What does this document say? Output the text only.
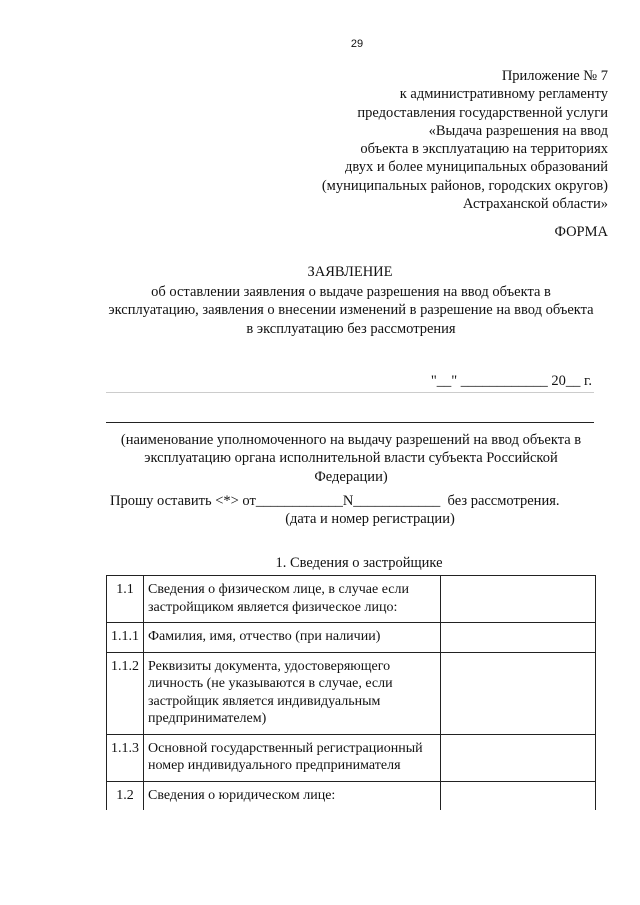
29
Приложение № 7
к административному регламенту
предоставления государственной услуги
«Выдача разрешения на ввод
объекта в эксплуатацию на территориях
двух и более муниципальных образований
(муниципальных районов, городских округов)
Астраханской области»
ФОРМА
ЗАЯВЛЕНИЕ
об оставлении заявления о выдаче разрешения на ввод объекта в эксплуатацию, заявления о внесении изменений в разрешение на ввод объекта в эксплуатацию без рассмотрения
"__" ____________ 20__ г.
(наименование уполномоченного на выдачу разрешений на ввод объекта в эксплуатацию органа исполнительной власти субъекта Российской Федерации)
Прошу оставить <*> от____________N____________  без рассмотрения.
(дата и номер регистрации)
1. Сведения о застройщике
1.1	Сведения о физическом лице, в случае если застройщиком является физическое лицо:	
1.1.1	Фамилия, имя, отчество (при наличии)	
1.1.2	Реквизиты документа, удостоверяющего личность (не указываются в случае, если застройщик является индивидуальным предпринимателем)	
1.1.3	Основной государственный регистрационный номер индивидуального предпринимателя	
1.2	Сведения о юридическом лице:	
